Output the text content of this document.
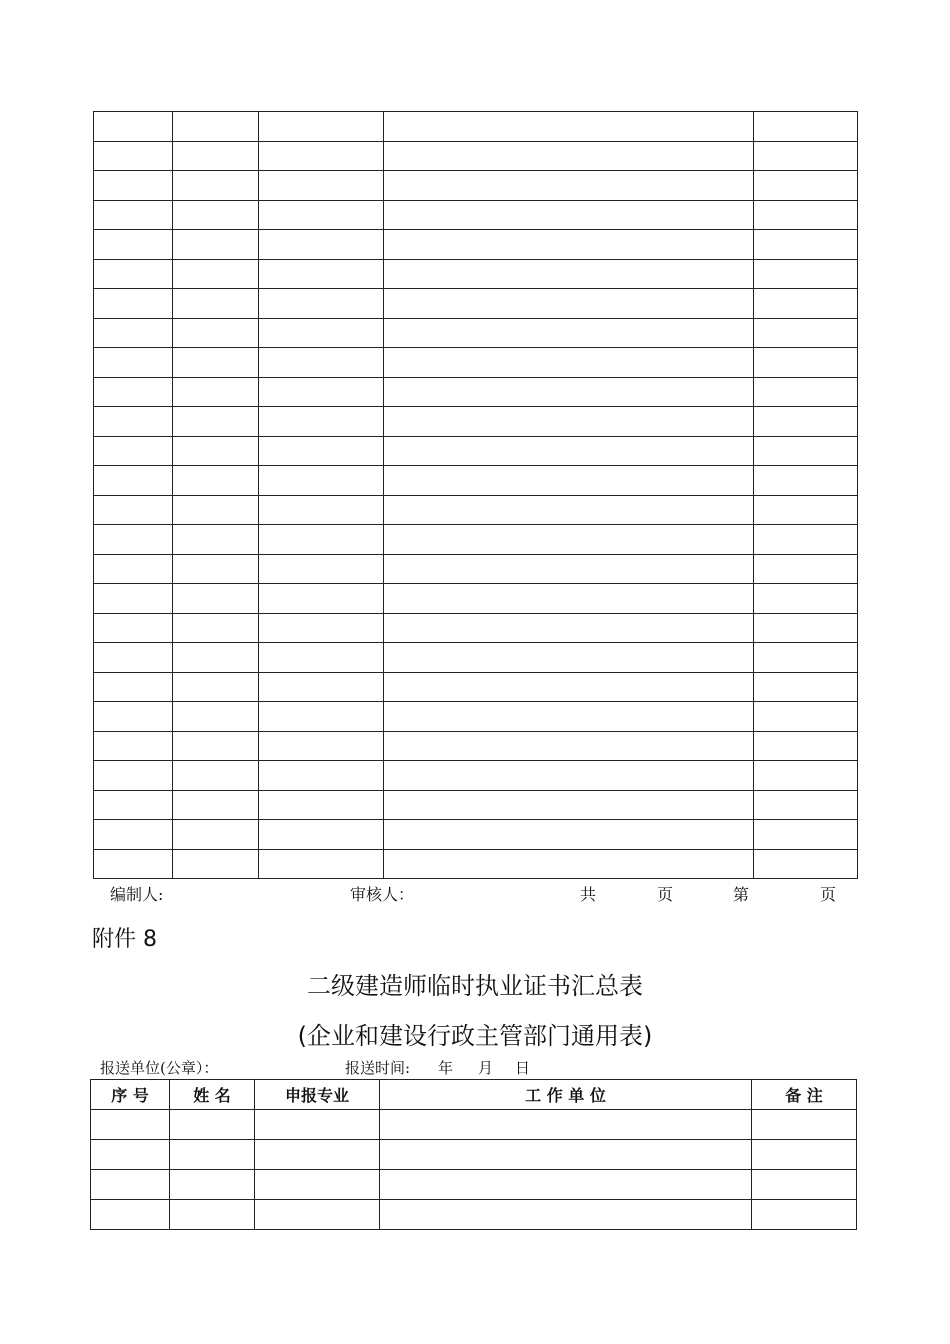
编制人:	审核人：	共	页	第	页
附件 8
二级建造师临时执业证书汇总表
(企业和建设行政主管部门通用表)
报送单位(公章）：	报送时间: 年 月 日
序 号	姓 名	申报专业	工 作 单 位	备 注
